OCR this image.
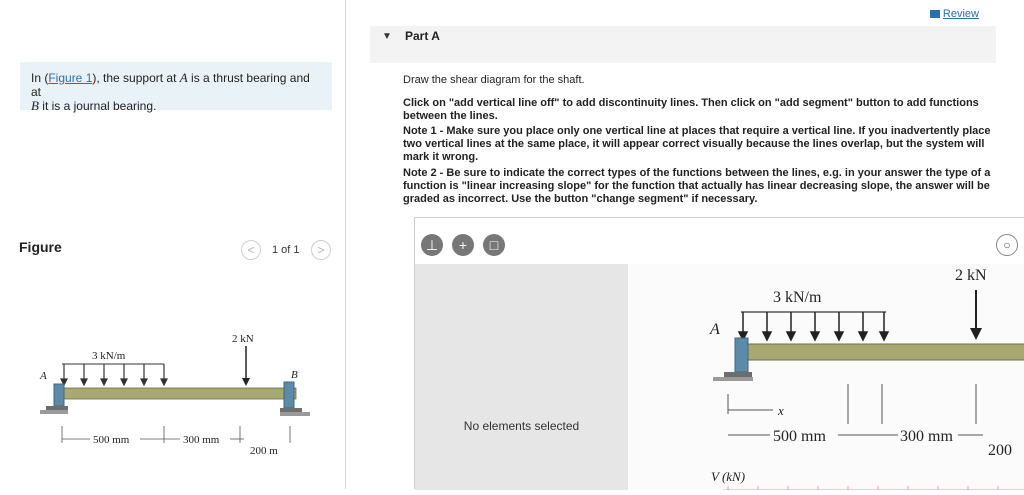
In (Figure 1), the support at A is a thrust bearing and at
B it is a journal bearing.
Figure	<	1 of 1	>
A
3 kN/m
2 kN
B
500 mm	300 mm
200 m
Review
▼ Part A
Draw the shear diagram for the shaft.
Click on "add vertical line off" to add discontinuity lines. Then click on "add segment" button to add functions between the lines.
Note 1 - Make sure you place only one vertical line at places that require a vertical line. If you inadvertently place two vertical lines at the same place, it will appear correct visually because the lines overlap, but the system will mark it wrong.
Note 2 - Be sure to indicate the correct types of the functions between the lines, e.g. in your answer the type of a function is "linear increasing slope" for the function that actually has linear decreasing slope, the answer will be graded as incorrect. Use the button "change segment" if necessary.
⊥	+	□	○
No elements selected
2 kN
3 kN/m
A
x
500 mm	300 mm
200
V (kN)
